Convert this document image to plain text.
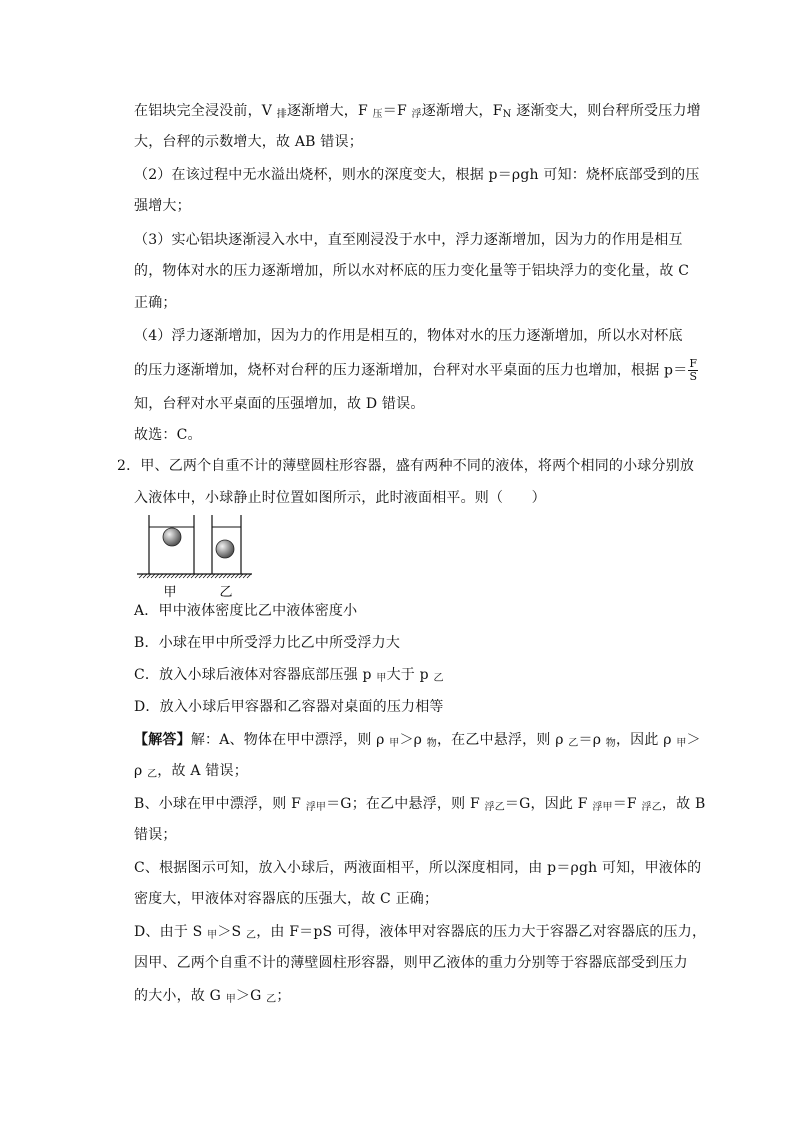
在铝块完全浸没前，V $_排$逐渐增大，F $_压$＝F $_浮$逐渐增大，$F_N$ 逐渐变大，则台秤所受压力增
大，台秤的示数增大，故 AB 错误；
（2）在该过程中无水溢出烧杯，则水的深度变大，根据 p＝ρgh 可知：烧杯底部受到的压
强增大；
（3）实心铝块逐渐浸入水中，直至刚浸没于水中，浮力逐渐增加，因为力的作用是相互
的，物体对水的压力逐渐增加，所以水对杯底的压力变化量等于铝块浮力的变化量，故 C
正确；
（4）浮力逐渐增加，因为力的作用是相互的，物体对水的压力逐渐增加，所以水对杯底
的压力逐渐增加，烧杯对台秤的压力逐渐增加，台秤对水平桌面的压力也增加，根据 $p= \frac{F}{S}$
知，台秤对水平桌面的压强增加，故 D 错误。
故选：C。
2．甲、乙两个自重不计的薄壁圆柱形容器，盛有两种不同的液体，将两个相同的小球分别放
入液体中，小球静止时位置如图所示，此时液面相平。则（　　）
甲	乙
A．甲中液体密度比乙中液体密度小
B．小球在甲中所受浮力比乙中所受浮力大
C．放入小球后液体对容器底部压强 p $_甲$大于 p $_乙$
D．放入小球后甲容器和乙容器对桌面的压力相等
【解答】解：A、物体在甲中漂浮，则 ρ $_甲$＞ρ $_物$，在乙中悬浮，则 ρ $_乙$＝ρ $_物$，因此 ρ $_甲$＞
ρ $_乙$，故 A 错误；
B、小球在甲中漂浮，则 F $_{浮甲}$＝G；在乙中悬浮，则 F $_{浮乙}$＝G，因此 F $_{浮甲}$＝F $_{浮乙}$，故 B
错误；
C、根据图示可知，放入小球后，两液面相平，所以深度相同，由 p＝ρgh 可知，甲液体的
密度大，甲液体对容器底的压强大，故 C 正确；
D、由于 S $_甲$＞S $_乙$，由 F＝pS 可得，液体甲对容器底的压力大于容器乙对容器底的压力，
因甲、乙两个自重不计的薄壁圆柱形容器，则甲乙液体的重力分别等于容器底部受到压力
的大小，故 G $_甲$＞G $_乙$；
